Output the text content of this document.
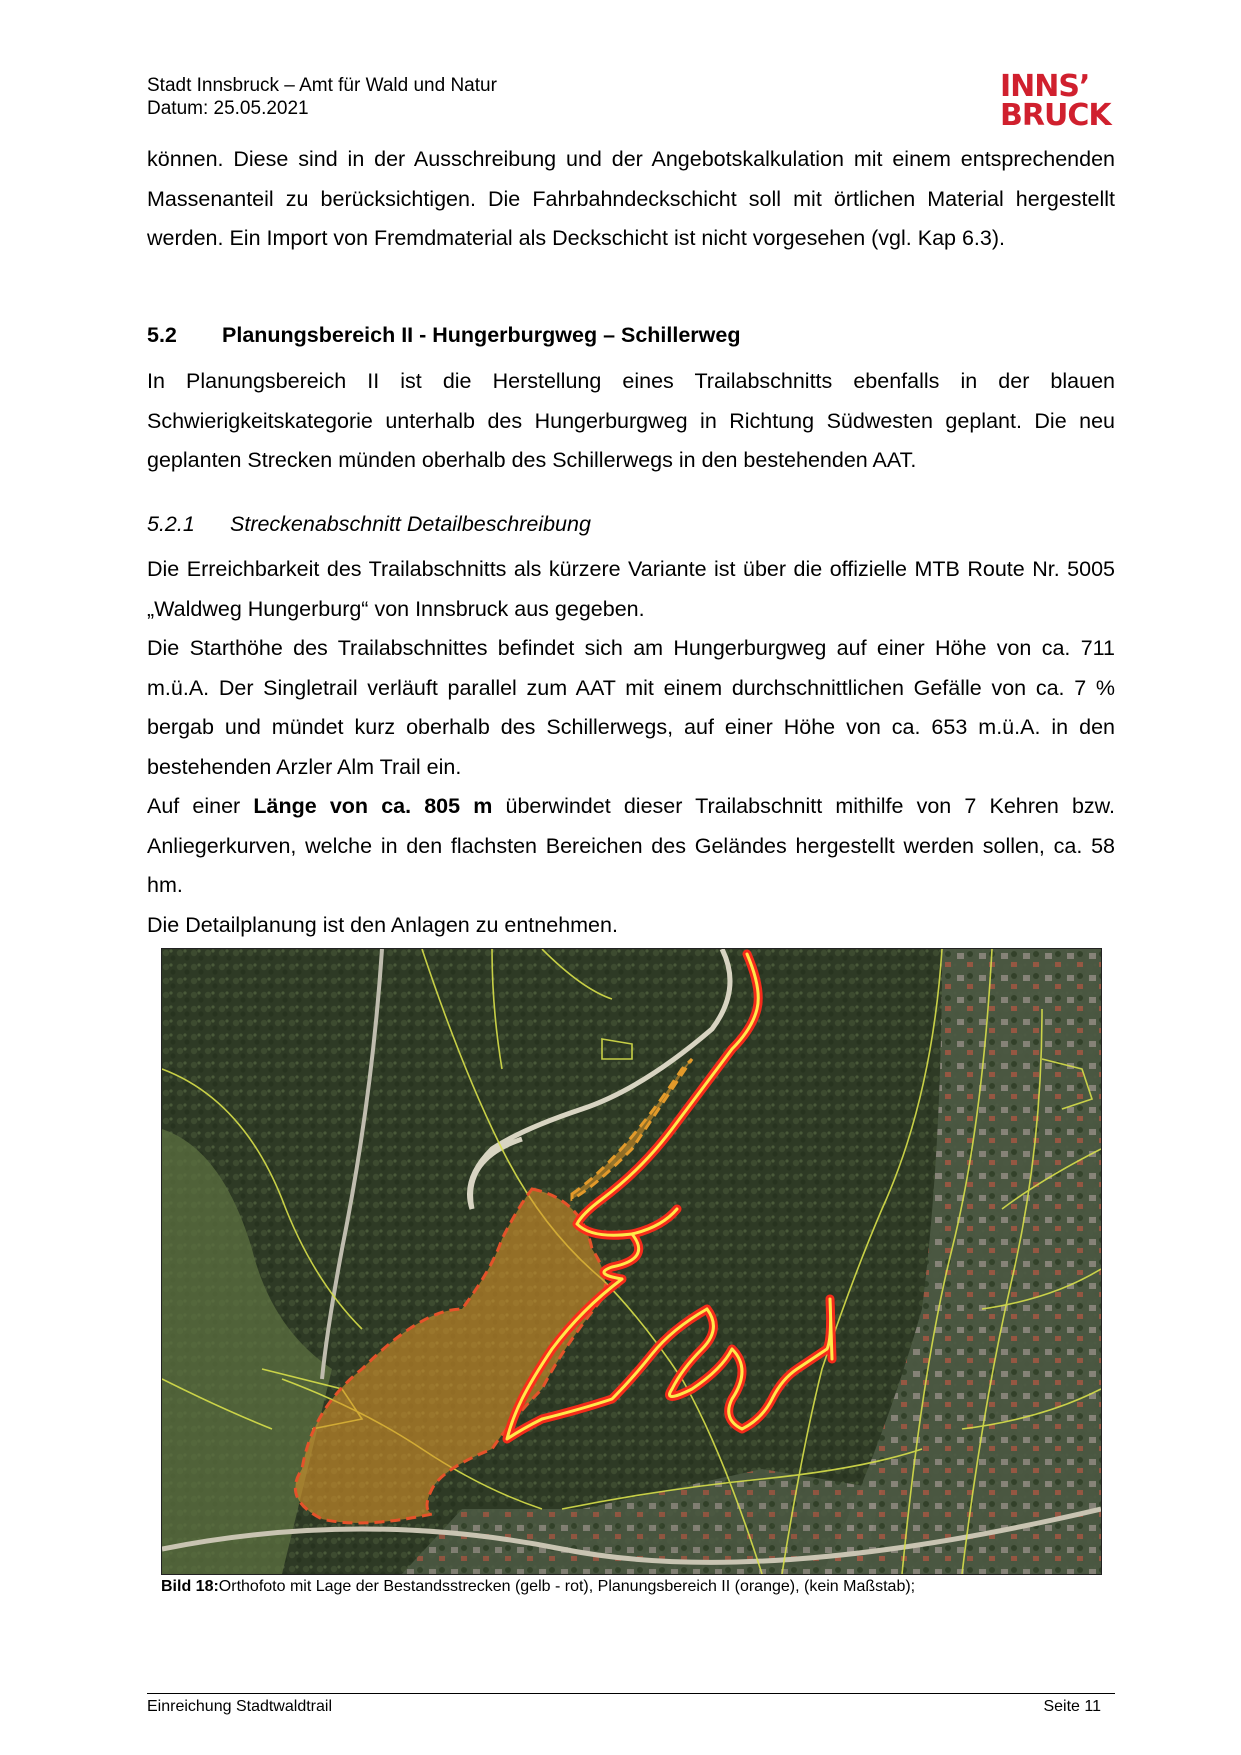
Stadt Innsbruck – Amt für Wald und Natur
Datum: 25.05.2021
INNS’
BRUCK

können. Diese sind in der Ausschreibung und der Angebotskalkulation mit einem entsprechenden Massenanteil zu berücksichtigen. Die Fahrbahndeckschicht soll mit örtlichen Material hergestellt werden. Ein Import von Fremdmaterial als Deckschicht ist nicht vorgesehen (vgl. Kap 6.3).

5.2 Planungsbereich II - Hungerburgweg – Schillerweg

In Planungsbereich II ist die Herstellung eines Trailabschnitts ebenfalls in der blauen Schwierigkeitskategorie unterhalb des Hungerburgweg in Richtung Südwesten geplant. Die neu geplanten Strecken münden oberhalb des Schillerwegs in den bestehenden AAT.

5.2.1 Streckenabschnitt Detailbeschreibung

Die Erreichbarkeit des Trailabschnitts als kürzere Variante ist über die offizielle MTB Route Nr. 5005 „Waldweg Hungerburg“ von Innsbruck aus gegeben.

Die Starthöhe des Trailabschnittes befindet sich am Hungerburgweg auf einer Höhe von ca. 711 m.ü.A. Der Singletrail verläuft parallel zum AAT mit einem durchschnittlichen Gefälle von ca. 7 % bergab und mündet kurz oberhalb des Schillerwegs, auf einer Höhe von ca. 653 m.ü.A. in den bestehenden Arzler Alm Trail ein.

Auf einer Länge von ca. 805 m überwindet dieser Trailabschnitt mithilfe von 7 Kehren bzw. Anliegerkurven, welche in den flachsten Bereichen des Geländes hergestellt werden sollen, ca. 58 hm.

Die Detailplanung ist den Anlagen zu entnehmen.

Bild 18:Orthofoto mit Lage der Bestandsstrecken (gelb - rot), Planungsbereich II (orange), (kein Maßstab);
Einreichung Stadtwaldtrail	Seite 11
